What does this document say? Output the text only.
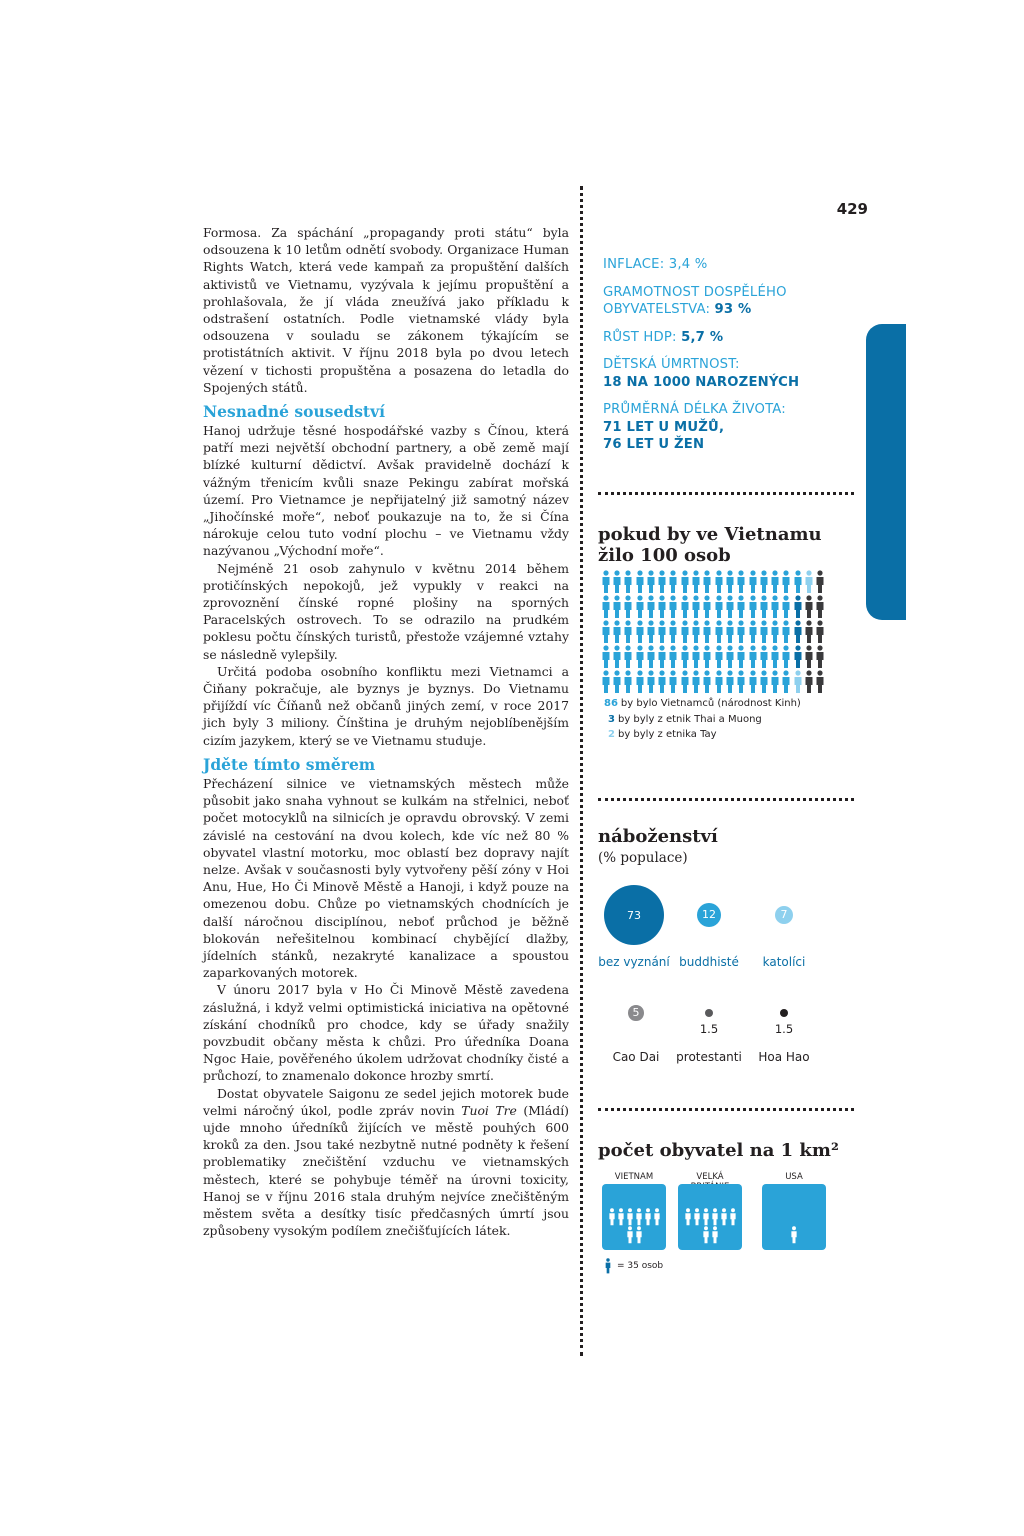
429

Formosa. Za spáchání „propagandy proti státu“ byla odsouzena k 10 letům odnětí svobody. Organizace Human Rights Watch, která vede kampaň za propuštění dalších aktivistů ve Vietnamu, vyzývala k jejímu propuštění a prohlašovala, že jí vláda zneužívá jako příkladu k odstrašení ostatních. Podle vietnamské vlády byla odsouzena v souladu se zákonem týkajícím se protistátních aktivit. V říjnu 2018 byla po dvou letech vězení v tichosti propuštěna a posazena do letadla do Spojených států.

Nesnadné sousedství

Hanoj udržuje těsné hospodářské vazby s Čínou, která patří mezi největší obchodní partnery, a obě země mají blízké kulturní dědictví. Avšak pravidelně dochází k vážným třenicím kvůli snaze Pekingu zabírat mořská území. Pro Vietnamce je nepřijatelný již samotný název „Jihočínské moře“, neboť poukazuje na to, že si Čína nárokuje celou tuto vodní plochu – ve Vietnamu vždy nazývanou „Východní moře“.

Nejméně 21 osob zahynulo v květnu 2014 během protičínských nepokojů, jež vypukly v reakci na zprovoznění čínské ropné plošiny na sporných Paracelských ostrovech. To se odrazilo na prudkém poklesu počtu čínských turistů, přestože vzájemné vztahy se následně vylepšily.

Určitá podoba osobního konfliktu mezi Vietnamci a Čiňany pokračuje, ale byznys je byznys. Do Vietnamu přijíždí víc Číňanů než občanů jiných zemí, v roce 2017 jich byly 3 miliony. Čínština je druhým nejoblíbenějším cizím jazykem, který se ve Vietnamu studuje.

Jděte tímto směrem

Přecházení silnice ve vietnamských městech může působit jako snaha vyhnout se kulkám na střelnici, neboť počet motocyklů na silnicích je opravdu obrovský. V zemi závislé na cestování na dvou kolech, kde víc než 80 % obyvatel vlastní motorku, moc oblastí bez dopravy najít nelze. Avšak v současnosti byly vytvořeny pěší zóny v Hoi Anu, Hue, Ho Či Minově Městě a Hanoji, i když pouze na omezenou dobu. Chůze po vietnamských chodnících je další náročnou disciplínou, neboť průchod je běžně blokován neřešitelnou kombinací chybějící dlažby, jídelních stánků, nezakryté kanalizace a spoustou zaparkovaných motorek.

V únoru 2017 byla v Ho Či Minově Městě zavedena záslužná, i když velmi optimistická iniciativa na opětovné získání chodníků pro chodce, kdy se úřady snažily povzbudit občany města k chůzi. Pro úředníka Doana Ngoc Haie, pověřeného úkolem udržovat chodníky čisté a průchozí, to znamenalo dokonce hrozby smrtí.

Dostat obyvatele Saigonu ze sedel jejich motorek bude velmi náročný úkol, podle zpráv novin Tuoi Tre (Mládí) ujde mnoho úředníků žijících ve městě pouhých 600 kroků za den. Jsou také nezbytně nutné podněty k řešení problematiky znečištění vzduchu ve vietnamských městech, které se pohybuje téměř na úrovni toxicity, Hanoj se v říjnu 2016 stala druhým nejvíce znečištěným městem světa a desítky tisíc předčasných úmrtí jsou způsobeny vysokým podílem znečišťujících látek.

INFLACE: 3,4 %
GRAMOTNOST DOSPĚLÉHO OBYVATELSTVA: 93 %
RŮST HDP: 5,7 %
DĚTSKÁ ÚMRTNOST:
18 NA 1000 NAROZENÝCH
PRŮMĚRNÁ DÉLKA ŽIVOTA:
71 LET U MUŽŮ,
76 LET U ŽEN
pokud by ve Vietnamu žilo 100 osob
86 by bylo Vietnamců (národnost Kinh)
3 by byly z etnik Thai a Muong
2 by byly z etnika Tay
náboženství
(% populace)
73
bez vyznání
12
buddhisté
7
katolíci
5
Cao Dai
1.5
protestanti
1.5
Hoa Hao
počet obyvatel na 1 km²
VIETNAM	VELKÁ	USA
= 35 osob
